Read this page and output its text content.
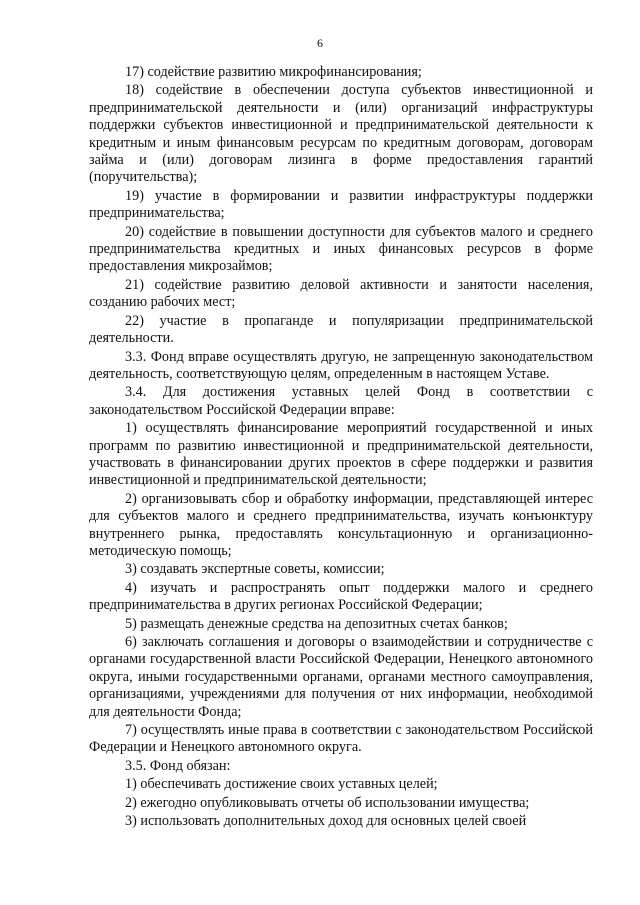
6

17) содействие развитию микрофинансирования;

18) содействие в обеспечении доступа субъектов инвестиционной и предпринимательской деятельности и (или) организаций инфраструктуры поддержки субъектов инвестиционной и предпринимательской деятельности к кредитным и иным финансовым ресурсам по кредитным договорам, договорам займа и (или) договорам лизинга в форме предоставления гарантий (поручительства);

19) участие в формировании и развитии инфраструктуры поддержки предпринимательства;

20) содействие в повышении доступности для субъектов малого и среднего предпринимательства кредитных и иных финансовых ресурсов в форме предоставления микрозаймов;

21) содействие развитию деловой активности и занятости населения, созданию рабочих мест;

22) участие в пропаганде и популяризации предпринимательской деятельности.

3.3. Фонд вправе осуществлять другую, не запрещенную законодательством деятельность, соответствующую целям, определенным в настоящем Уставе.

3.4. Для достижения уставных целей Фонд в соответствии с законодательством Российской Федерации вправе:

1) осуществлять финансирование мероприятий государственной и иных программ по развитию инвестиционной и предпринимательской деятельности, участвовать в финансировании других проектов в сфере поддержки и развития инвестиционной и предпринимательской деятельности;

2) организовывать сбор и обработку информации, представляющей интерес для субъектов малого и среднего предпринимательства, изучать конъюнктуру внутреннего рынка, предоставлять консультационную и организационно-методическую помощь;

3) создавать экспертные советы, комиссии;

4) изучать и распространять опыт поддержки малого и среднего предпринимательства в других регионах Российской Федерации;

5) размещать денежные средства на депозитных счетах банков;

6) заключать соглашения и договоры о взаимодействии и сотрудничестве с органами государственной власти Российской Федерации, Ненецкого автономного округа, иными государственными органами, органами местного самоуправления, организациями, учреждениями для получения от них информации, необходимой для деятельности Фонда;

7) осуществлять иные права в соответствии с законодательством Российской Федерации и Ненецкого автономного округа.

3.5. Фонд обязан:

1) обеспечивать достижение своих уставных целей;

2) ежегодно опубликовывать отчеты об использовании имущества;

3) использовать дополнительных доход для основных целей своей
